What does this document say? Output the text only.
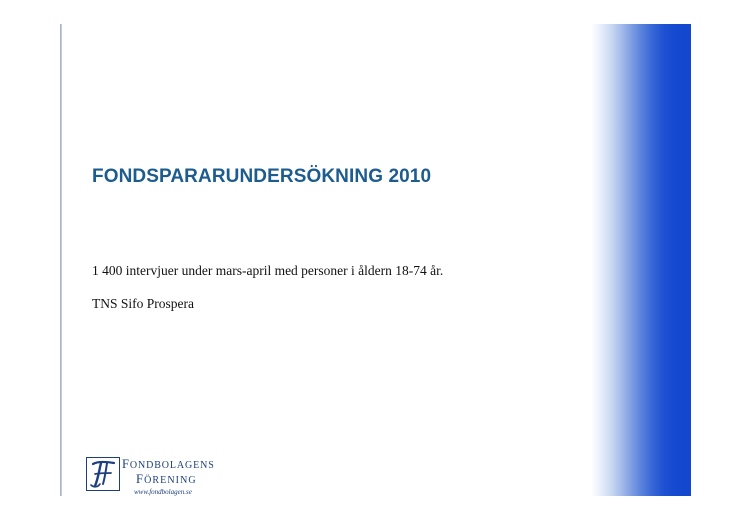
FONDSPARARUNDERSÖKNING 2010
1 400 intervjuer under mars-april med personer i åldern 18-74 år.
TNS Sifo Prospera
FONDBOLAGENS
FÖRENING
www.fondbolagen.se
